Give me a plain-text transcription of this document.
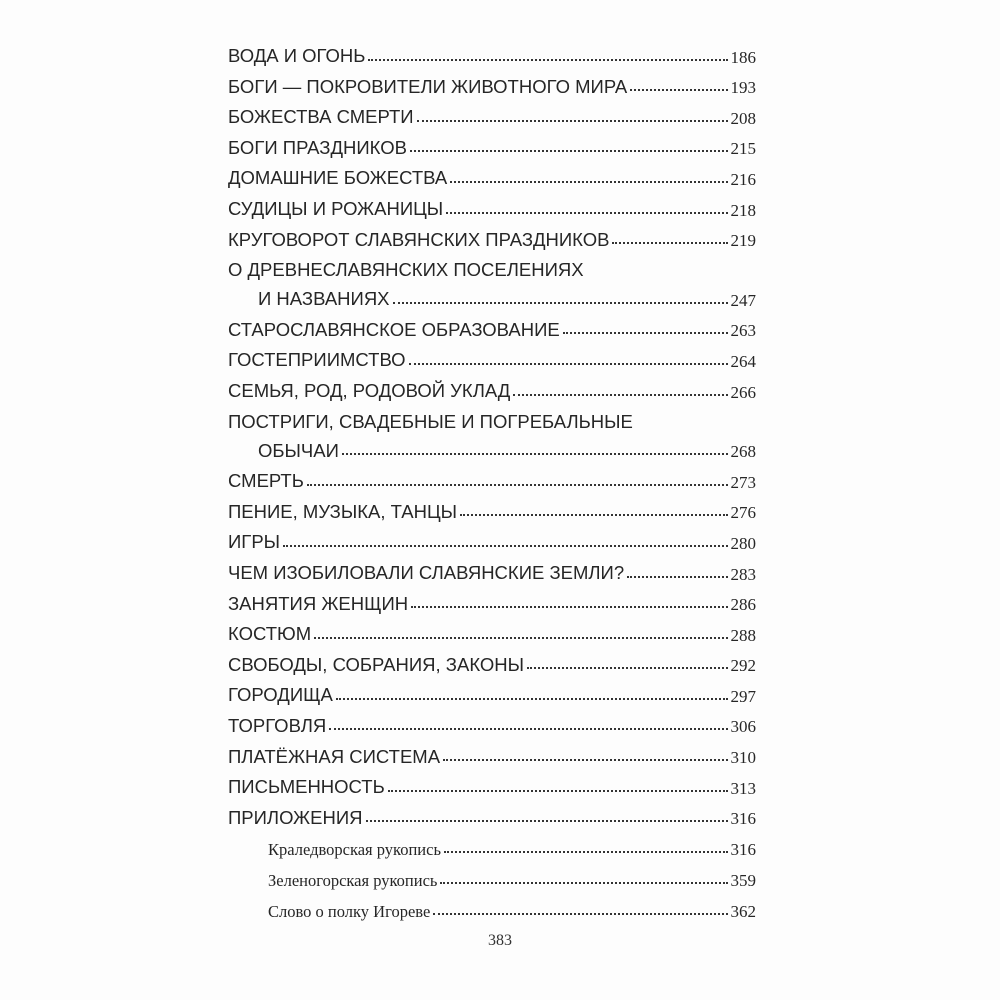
ВОДА И ОГОНЬ	186
БОГИ — ПОКРОВИТЕЛИ ЖИВОТНОГО МИРА	193
БОЖЕСТВА СМЕРТИ	208
БОГИ ПРАЗДНИКОВ	215
ДОМАШНИЕ БОЖЕСТВА	216
СУДИЦЫ И РОЖАНИЦЫ	218
КРУГОВОРОТ СЛАВЯНСКИХ ПРАЗДНИКОВ	219
О ДРЕВНЕСЛАВЯНСКИХ ПОСЕЛЕНИЯХ
И НАЗВАНИЯХ	247
СТАРОСЛАВЯНСКОЕ ОБРАЗОВАНИЕ	263
ГОСТЕПРИИМСТВО	264
СЕМЬЯ, РОД, РОДОВОЙ УКЛАД	266
ПОСТРИГИ, СВАДЕБНЫЕ И ПОГРЕБАЛЬНЫЕ
ОБЫЧАИ	268
СМЕРТЬ	273
ПЕНИЕ, МУЗЫКА, ТАНЦЫ	276
ИГРЫ	280
ЧЕМ ИЗОБИЛОВАЛИ СЛАВЯНСКИЕ ЗЕМЛИ?	283
ЗАНЯТИЯ ЖЕНЩИН	286
КОСТЮМ	288
СВОБОДЫ, СОБРАНИЯ, ЗАКОНЫ	292
ГОРОДИЩА	297
ТОРГОВЛЯ	306
ПЛАТЁЖНАЯ СИСТЕМА	310
ПИСЬМЕННОСТЬ	313
ПРИЛОЖЕНИЯ	316
Краледворская рукопись	316
Зеленогорская рукопись	359
Слово о полку Игореве	362
383
